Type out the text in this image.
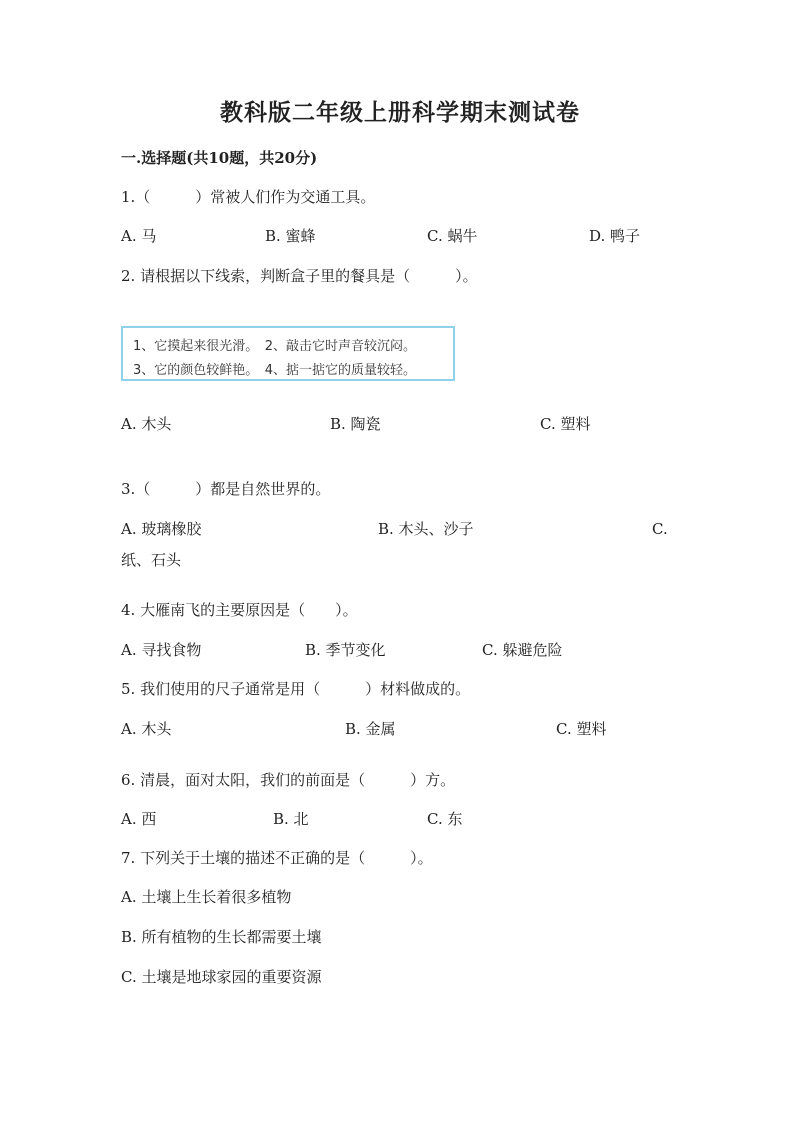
教科版二年级上册科学期末测试卷
一.选择题(共10题，共20分)
1.（　　　）常被人们作为交通工具。
A. 马	B. 蜜蜂	C. 蜗牛	D. 鸭子
2. 请根据以下线索，判断盒子里的餐具是（　　　）。
1、它摸起来很光滑。　2、敲击它时声音较沉闷。
3、它的颜色较鲜艳。　4、掂一掂它的质量较轻。
A. 木头	B. 陶瓷	C. 塑料
3.（　　　）都是自然世界的。
A. 玻璃橡胶	B. 木头、沙子	C.
纸、石头
4. 大雁南飞的主要原因是（　　）。
A. 寻找食物	B. 季节变化	C. 躲避危险
5. 我们使用的尺子通常是用（　　　）材料做成的。
A. 木头	B. 金属	C. 塑料
6. 清晨，面对太阳，我们的前面是（　　　）方。
A. 西	B. 北	C. 东
7. 下列关于土壤的描述不正确的是（　　　）。
A. 土壤上生长着很多植物
B. 所有植物的生长都需要土壤
C. 土壤是地球家园的重要资源
